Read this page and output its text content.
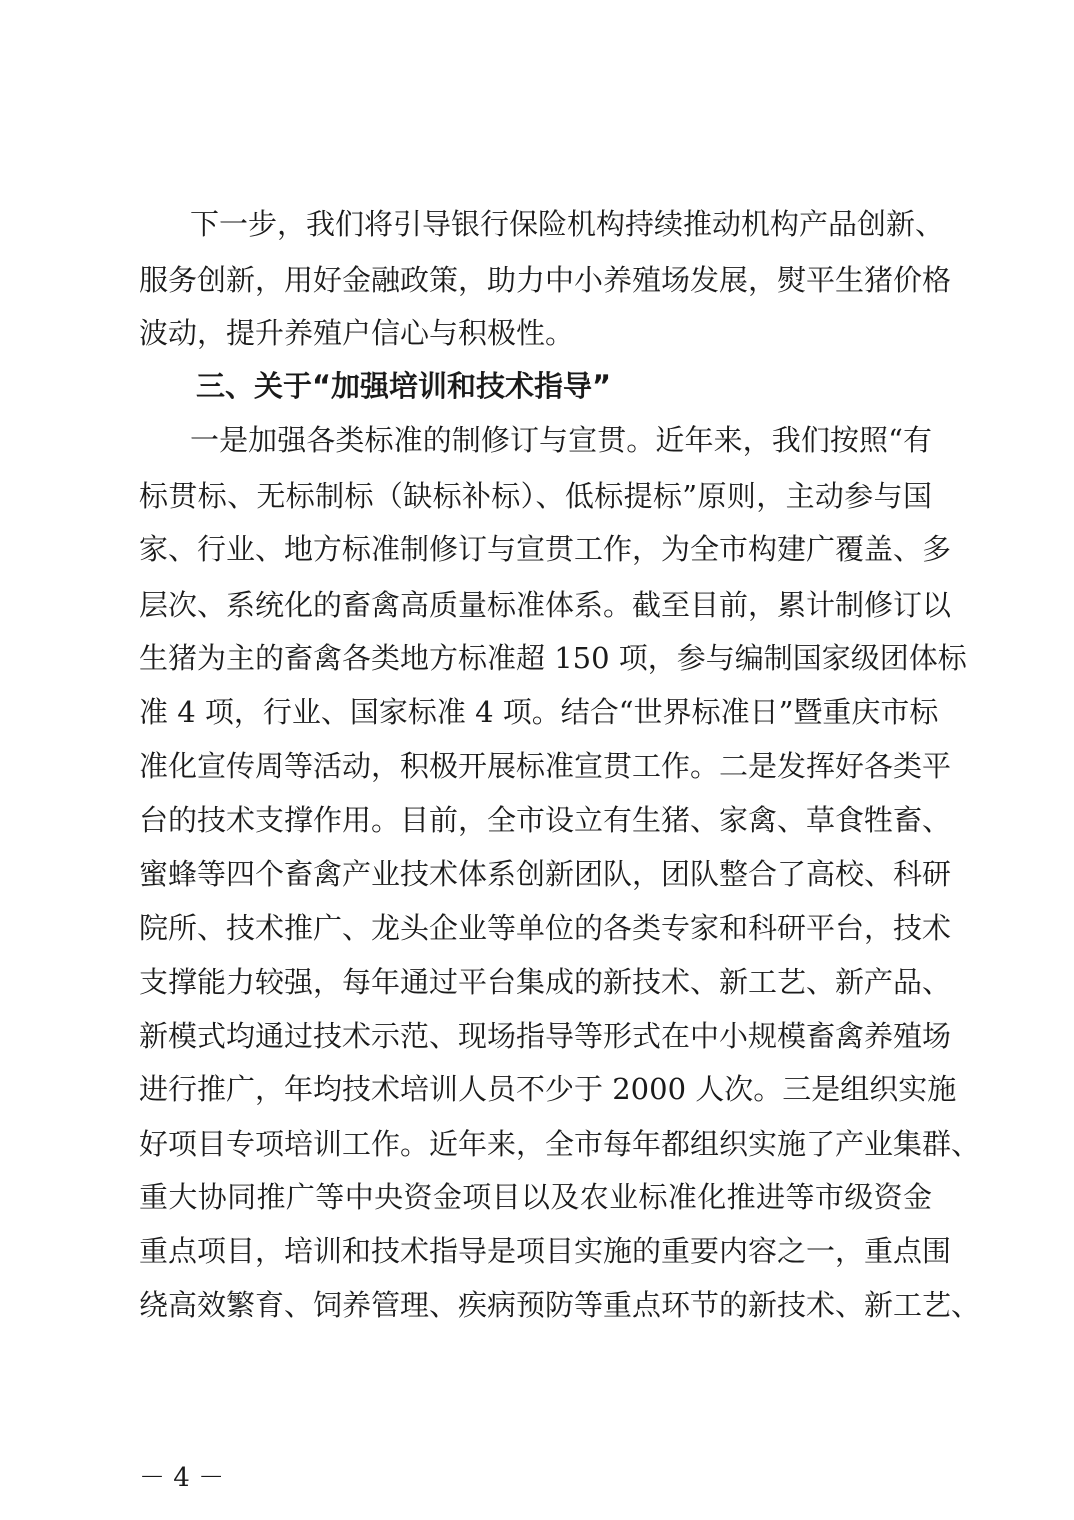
下一步，我们将引导银行保险机构持续推动机构产品创新、
服务创新，用好金融政策，助力中小养殖场发展，熨平生猪价格
波动，提升养殖户信心与积极性。
三、关于“加强培训和技术指导”
一是加强各类标准的制修订与宣贯。近年来，我们按照“有
标贯标、无标制标（缺标补标）、低标提标”原则，主动参与国
家、行业、地方标准制修订与宣贯工作，为全市构建广覆盖、多
层次、系统化的畜禽高质量标准体系。截至目前，累计制修订以
生猪为主的畜禽各类地方标准超 150 项，参与编制国家级团体标
准 4 项，行业、国家标准 4 项。结合“世界标准日”暨重庆市标
准化宣传周等活动，积极开展标准宣贯工作。二是发挥好各类平
台的技术支撑作用。目前，全市设立有生猪、家禽、草食牲畜、
蜜蜂等四个畜禽产业技术体系创新团队，团队整合了高校、科研
院所、技术推广、龙头企业等单位的各类专家和科研平台，技术
支撑能力较强，每年通过平台集成的新技术、新工艺、新产品、
新模式均通过技术示范、现场指导等形式在中小规模畜禽养殖场
进行推广，年均技术培训人员不少于 2000 人次。三是组织实施
好项目专项培训工作。近年来，全市每年都组织实施了产业集群、
重大协同推广等中央资金项目以及农业标准化推进等市级资金
重点项目，培训和技术指导是项目实施的重要内容之一，重点围
绕高效繁育、饲养管理、疾病预防等重点环节的新技术、新工艺、
－ 4 －
